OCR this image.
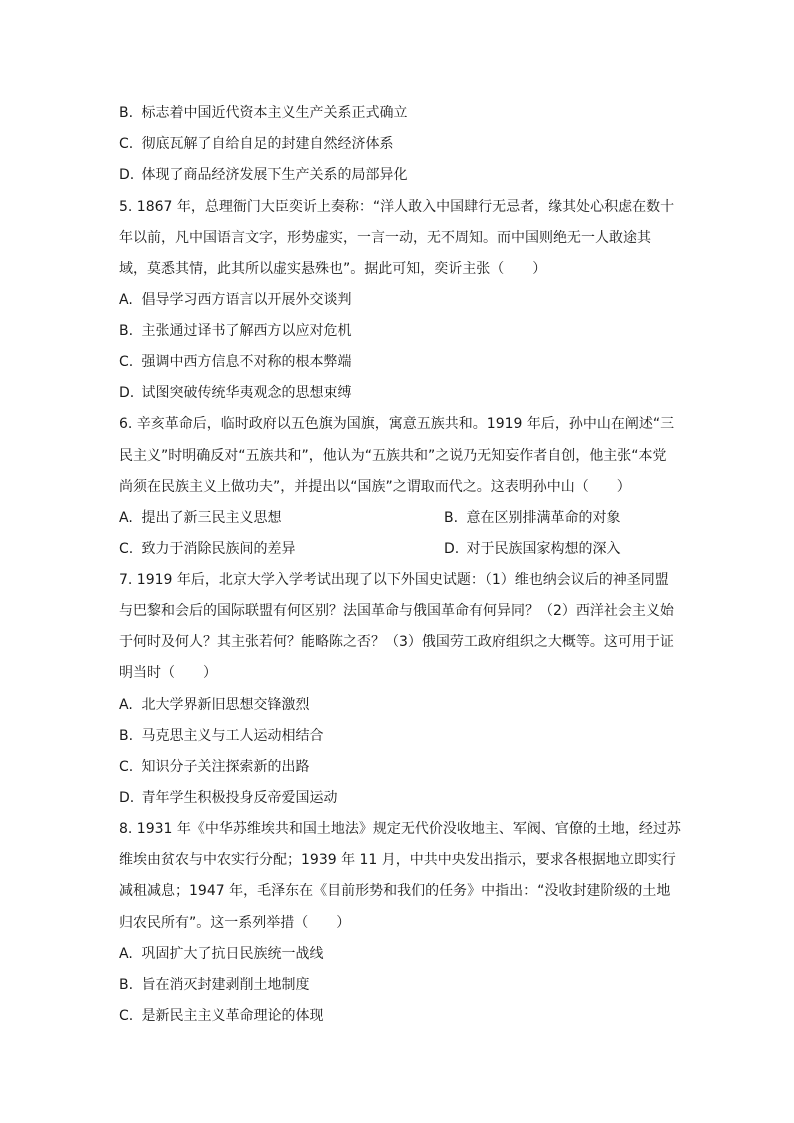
B. 标志着中国近代资本主义生产关系正式确立
C. 彻底瓦解了自给自足的封建自然经济体系
D. 体现了商品经济发展下生产关系的局部异化
5. 1867 年，总理衙门大臣奕䜣上奏称：“洋人敢入中国肆行无忌者，缘其处心积虑在数十
年以前，凡中国语言文字，形势虚实，一言一动，无不周知。而中国则绝无一人敢途其
域，莫悉其情，此其所以虚实悬殊也”。据此可知，奕䜣主张（　　）
A. 倡导学习西方语言以开展外交谈判
B. 主张通过译书了解西方以应对危机
C. 强调中西方信息不对称的根本弊端
D. 试图突破传统华夷观念的思想束缚
6. 辛亥革命后，临时政府以五色旗为国旗，寓意五族共和。1919 年后，孙中山在阐述“三
民主义”时明确反对“五族共和”，他认为“五族共和”之说乃无知妄作者自创，他主张“本党
尚须在民族主义上做功夫”，并提出以“国族”之谓取而代之。这表明孙中山（　　）
A. 提出了新三民主义思想	B. 意在区别排满革命的对象
C. 致力于消除民族间的差异	D. 对于民族国家构想的深入
7. 1919 年后，北京大学入学考试出现了以下外国史试题：（1）维也纳会议后的神圣同盟
与巴黎和会后的国际联盟有何区别？法国革命与俄国革命有何异同？（2）西洋社会主义始
于何时及何人？其主张若何？能略陈之否？（3）俄国劳工政府组织之大概等。这可用于证
明当时（　　）
A. 北大学界新旧思想交锋激烈
B. 马克思主义与工人运动相结合
C. 知识分子关注探索新的出路
D. 青年学生积极投身反帝爱国运动
8. 1931 年《中华苏维埃共和国土地法》规定无代价没收地主、军阀、官僚的土地，经过苏
维埃由贫农与中农实行分配；1939 年 11 月，中共中央发出指示，要求各根据地立即实行
减租减息；1947 年，毛泽东在《目前形势和我们的任务》中指出：“没收封建阶级的土地
归农民所有”。这一系列举措（　　）
A. 巩固扩大了抗日民族统一战线
B. 旨在消灭封建剥削土地制度
C. 是新民主主义革命理论的体现
